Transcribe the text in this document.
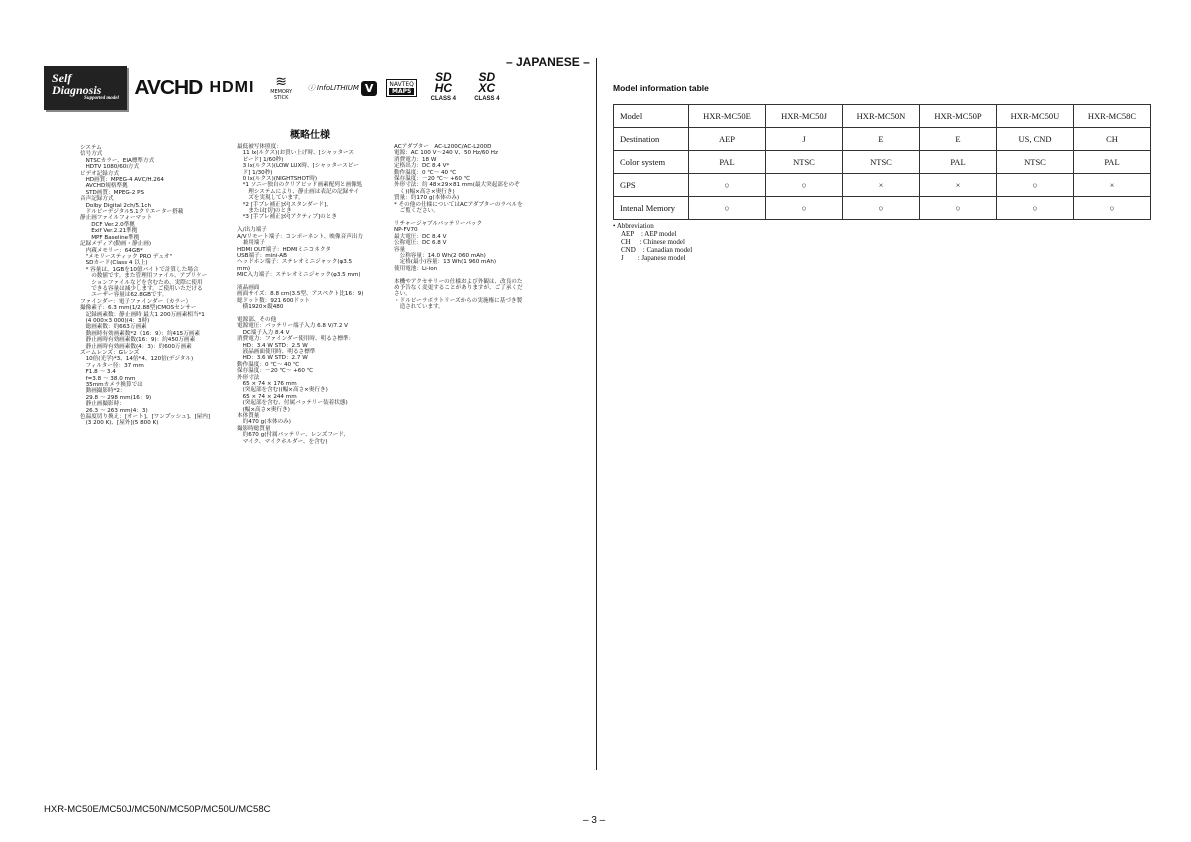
– JAPANESE –
Self Diagnosis
Supported model AVCHD HDMI	≋
MEMORY STICK
ⓘ InfoLITHIUM V	NAVTEQ
MAPS
SD HC
CLASS 4
SD XC
CLASS 4
概略仕様
システム
信号方式
　NTSCカラー、EIA標準方式
　HDTV 1080/60i方式
ビデオ記録方式
　HD画質：MPEG-4 AVC/H.264
　AVCHD規格準拠
　STD画質：MPEG-2 PS
音声記録方式
　Dolby Digital 2ch/5.1ch
　ドルビーデジタル5.1クリエーター搭載
静止画ファイルフォーマット
　　DCF Ver.2.0準拠
　　Exif Ver.2.21準拠
　　MPF Baseline準拠
記録メディア(動画・静止画)
　内蔵メモリー：64GB*
　"メモリースティック PRO デュオ"
　SDカード(Class 4 以上)
　* 容量は、1GBを10億バイトで計算した場合
　　の数値です。また管理用ファイル、アプリケー
　　ションファイルなどを含むため、実際に使用
　　できる容量は減少します。ご使用いただける
　　ユーザー容量は62.8GBです。
ファインダー：電子ファインダー（カラー）
撮像素子：6.3 mm(1/2.88型)CMOSセンサー
　記録画素数：静止画時 最大1 200万画素相当*1
　(4 000×3 000)(4：3時)
　総画素数：約663万画素
　動画時有効画素数*2（16：9）：約415万画素
　静止画時有効画素数(16：9)：約450万画素
　静止画時有効画素数(4：3)：約600万画素
ズームレンズ：Gレンズ
　10倍(光学)*3、14倍*4、120倍(デジタル)
　フィルター径：37 mm
　F1.8 ～ 3.4
　f=3.8 ～ 38.0 mm
　35mmカメラ換算では
　動画撮影時*2：
　29.8 ～ 298 mm(16：9)
　静止画撮影時：
　26.3 ～ 263 mm(4：3)
色温度切り換え：[オート]、[ワンプッシュ]、[屋内]
　(3 200 K)、[屋外](5 800 K)
最低被写体照度：
　11 lx(ルクス)(お買い上げ時、[シャッタース
　ピード] 1/60秒)
　3 lx(ルクス)(LOW LUX時、[シャッタースピー
　ド] 1/30秒)
　0 lx(ルクス)(NIGHTSHOT時)
　*1 ソニー独自のクリアビッド画素配列と画像処
　　理システムにより、静止画は表記の記録サイ
　　ズを実現しています。
　*2 [手ブレ補正]が[スタンダード]、
　　または[切]のとき
　*3 [手ブレ補正]が[アクティブ]のとき

入/出力端子
A/Vリモート端子：コンポーネント、映像音声出力
　兼用端子
HDMI OUT端子：HDMIミニコネクタ
USB端子：mini-AB
ヘッドホン端子：ステレオミニジャック(φ3.5
mm)
MIC入力端子：ステレオミニジャック(φ3.5 mm)

液晶画面
画面サイズ：8.8 cm(3.5型、アスペクト比16：9)
総ドット数：921 600ドット
　横1920×縦480

電源部、その他
電源電圧：バッテリー端子入力 6.8 V/7.2 V
　DC端子入力 8.4 V
消費電力：ファインダー使用時、明るさ標準：
　HD：3.4 W STD：2.5 W
　液晶画面使用時、明るさ標準
　HD：3.6 W STD：2.7 W
動作温度：0 ℃～ 40 ℃
保存温度：－20 ℃～ +60 ℃
外形寸法
　65 × 74 × 176 mm
　(突起部を含む)(幅×高さ×奥行き)
　65 × 74 × 244 mm
　(突起部を含む、付属バッテリー装着状態)
　(幅×高さ×奥行き)
本体質量
　約470 g(本体のみ)
撮影時総質量
　約670 g(付属バッテリー、レンズフード、
　マイク、マイクホルダー、を含む)
ACアダプター　AC-L200C/AC-L200D
電源：AC 100 V～240 V、50 Hz/60 Hz
消費電力：18 W
定格出力：DC 8.4 V*
動作温度：0 ℃～ 40 ℃
保存温度：－20 ℃～ +60 ℃
外形寸法：約 48×29×81 mm(最大突起部をのぞ
　く)(幅×高さ×奥行き)
質量：約170 g(本体のみ)
* その他の仕様についてはACアダプターのラベルを
　ご覧ください。

リチャージャブルバッテリーパック
NP-FV70
最大電圧：DC 8.4 V
公称電圧：DC 6.8 V
容量
　公称容量：14.0 Wh(2 060 mAh)
　定格(最小)容量：13 Wh(1 960 mAh)
使用電池：Li-ion

本機やアクセサリーの仕様および外観は、改良のた
め予告なく変更することがありますが、ご了承くだ
さい。
・ドルビーラボラトリーズからの実施権に基づき製
　造されています。
Model information table
Model	HXR-MC50E	HXR-MC50J	HXR-MC50N	HXR-MC50P	HXR-MC50U	HXR-MC58C
Destination	AEP	J	E	E	US, CND	CH
Color system	PAL	NTSC	NTSC	PAL	NTSC	PAL
GPS	○	○	×	×	○	×
Intenal Memory	○	○	○	○	○	○
• Abbreviation
AEP　: AEP model
CH　 : Chinese model
CND　: Canadian model
J　　: Japanese model
HXR-MC50E/MC50J/MC50N/MC50P/MC50U/MC58C
– 3 –
